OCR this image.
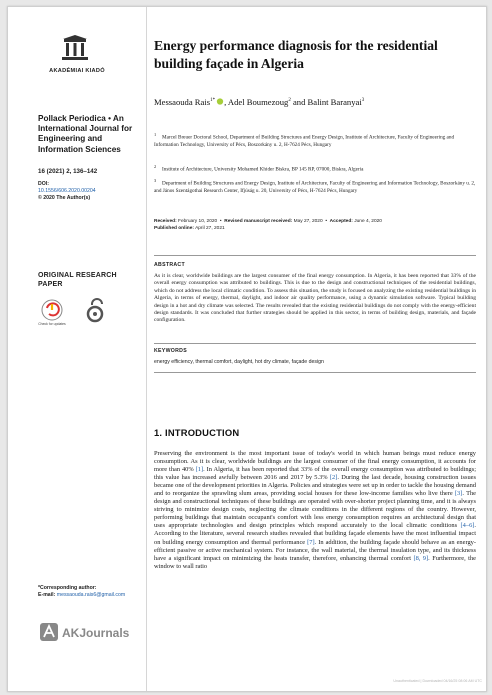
AKADÉMIAI KIADÓ
Pollack Periodica • An International Journal for Engineering and Information Sciences
16 (2021) 2, 136–142
DOI:
10.1556/606.2020.00204
© 2020 The Author(s)
ORIGINAL RESEARCH PAPER
Check for updates
*Corresponding author:
E-mail: messaouda.rais6@gmail.com
AKJournals
Energy performance diagnosis for the residential building façade in Algeria
Messaouda Rais$^{1*}$ , Adel Boumezoug$^2$ and Balint Baranyai$^3$
$^1$Marcel Breuer Doctoral School, Department of Building Structures and Energy Design, Institute of Architecture, Faculty of Engineering and Information Technology, University of Pécs, Boszorkány u. 2, H-7624 Pécs, Hungary
$^2$Institute of Architecture, University Mohamed Khider Biskra, BP 145 RP, 07000, Biskra, Algeria
$^3$Department of Building Structures and Energy Design, Institute of Architecture, Faculty of Engineering and Information Technology, Boszorkány u. 2, and János Szentágothai Research Center, Ifjúság u. 20, University of Pécs, H-7624 Pécs, Hungary
Received: February 10, 2020  •  Revised manuscript received: May 27, 2020  •  Accepted: June 4, 2020
Published online: April 27, 2021
ABSTRACT
As it is clear, worldwide buildings are the largest consumer of the final energy consumption. In Algeria, it has been reported that 33% of the overall energy consumption was attributed to buildings. This is due to the design and constructional techniques of the residential buildings, which do not address the local climatic condition. To assess this situation, the study is focused on analyzing the existing residential buildings in Algeria, in terms of energy, thermal, daylight, and indoor air quality performance, using a dynamic simulation software. Typical building design in a hot and dry climate was selected. The results revealed that the existing residential buildings do not comply with the energy-efficient design standards. It was concluded that further strategies should be applied in this sector, in terms of building design, materials, and façade configuration.
KEYWORDS
energy efficiency, thermal comfort, daylight, hot dry climate, façade design
1. INTRODUCTION
Preserving the environment is the most important issue of today's world in which human beings must reduce energy consumption. As it is clear, worldwide buildings are the largest consumer of the final energy consumption, it accounts for more than 40% [1]. In Algeria, it has been reported that 33% of the overall energy consumption was attributed to buildings; this value has increased awfully between 2016 and 2017 by 5.3% [2]. During the last decade, housing construction issues became one of the development priorities in Algeria. Policies and strategies were set up in order to tackle the housing demand and to reorganize the sprawling slum areas, providing social houses for these low-income families who live there [3]. The design and constructional techniques of these buildings are operated with over-shorter project planning time, and it is always striving to minimize design costs, neglecting the climate conditions in the different regions of the country. However, performing buildings that maintain occupant's comfort with less energy consumption requires an architectural design that uses appropriate technologies and design principles which respond accurately to the local climatic conditions [4–6]. According to the literature, several research studies revealed that building façade elements have the most influential impact on building energy consumption and thermal performance [7]. In addition, the building façade should behave as an energy-efficient passive or active mechanical system. For instance, the wall material, the thermal insulation type, and its thickness have a significant impact on minimizing the heats transfer, therefore, enhancing thermal comfort [8, 9]. Furthermore, the window to wall ratio
Unauthenticated | Downloaded 04/16/25 08:06 AM UTC
